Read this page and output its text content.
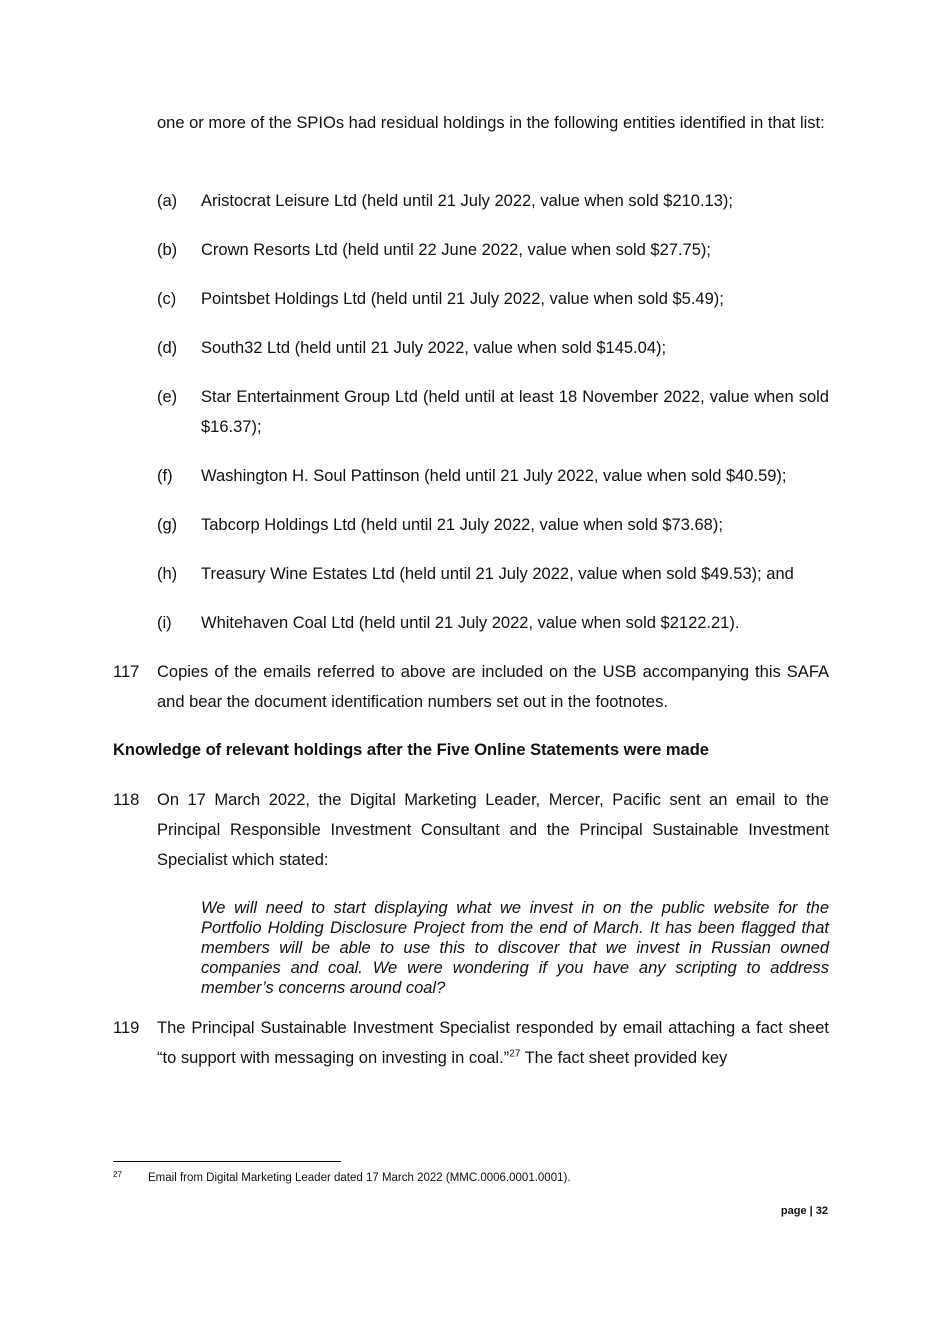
one or more of the SPIOs had residual holdings in the following entities identified in that list:
(a) Aristocrat Leisure Ltd (held until 21 July 2022, value when sold $210.13);
(b) Crown Resorts Ltd (held until 22 June 2022, value when sold $27.75);
(c) Pointsbet Holdings Ltd (held until 21 July 2022, value when sold $5.49);
(d) South32 Ltd (held until 21 July 2022, value when sold $145.04);
(e) Star Entertainment Group Ltd (held until at least 18 November 2022, value when sold $16.37);
(f) Washington H. Soul Pattinson (held until 21 July 2022, value when sold $40.59);
(g) Tabcorp Holdings Ltd (held until 21 July 2022, value when sold $73.68);
(h) Treasury Wine Estates Ltd (held until 21 July 2022, value when sold $49.53); and
(i) Whitehaven Coal Ltd (held until 21 July 2022, value when sold $2122.21).
117 Copies of the emails referred to above are included on the USB accompanying this SAFA and bear the document identification numbers set out in the footnotes.
Knowledge of relevant holdings after the Five Online Statements were made
118 On 17 March 2022, the Digital Marketing Leader, Mercer, Pacific sent an email to the Principal Responsible Investment Consultant and the Principal Sustainable Investment Specialist which stated:
We will need to start displaying what we invest in on the public website for the Portfolio Holding Disclosure Project from the end of March. It has been flagged that members will be able to use this to discover that we invest in Russian owned companies and coal. We were wondering if you have any scripting to address member’s concerns around coal?
119 The Principal Sustainable Investment Specialist responded by email attaching a fact sheet “to support with messaging on investing in coal.”$^{27}$ The fact sheet provided key
27 Email from Digital Marketing Leader dated 17 March 2022 (MMC.0006.0001.0001).
page | 32
